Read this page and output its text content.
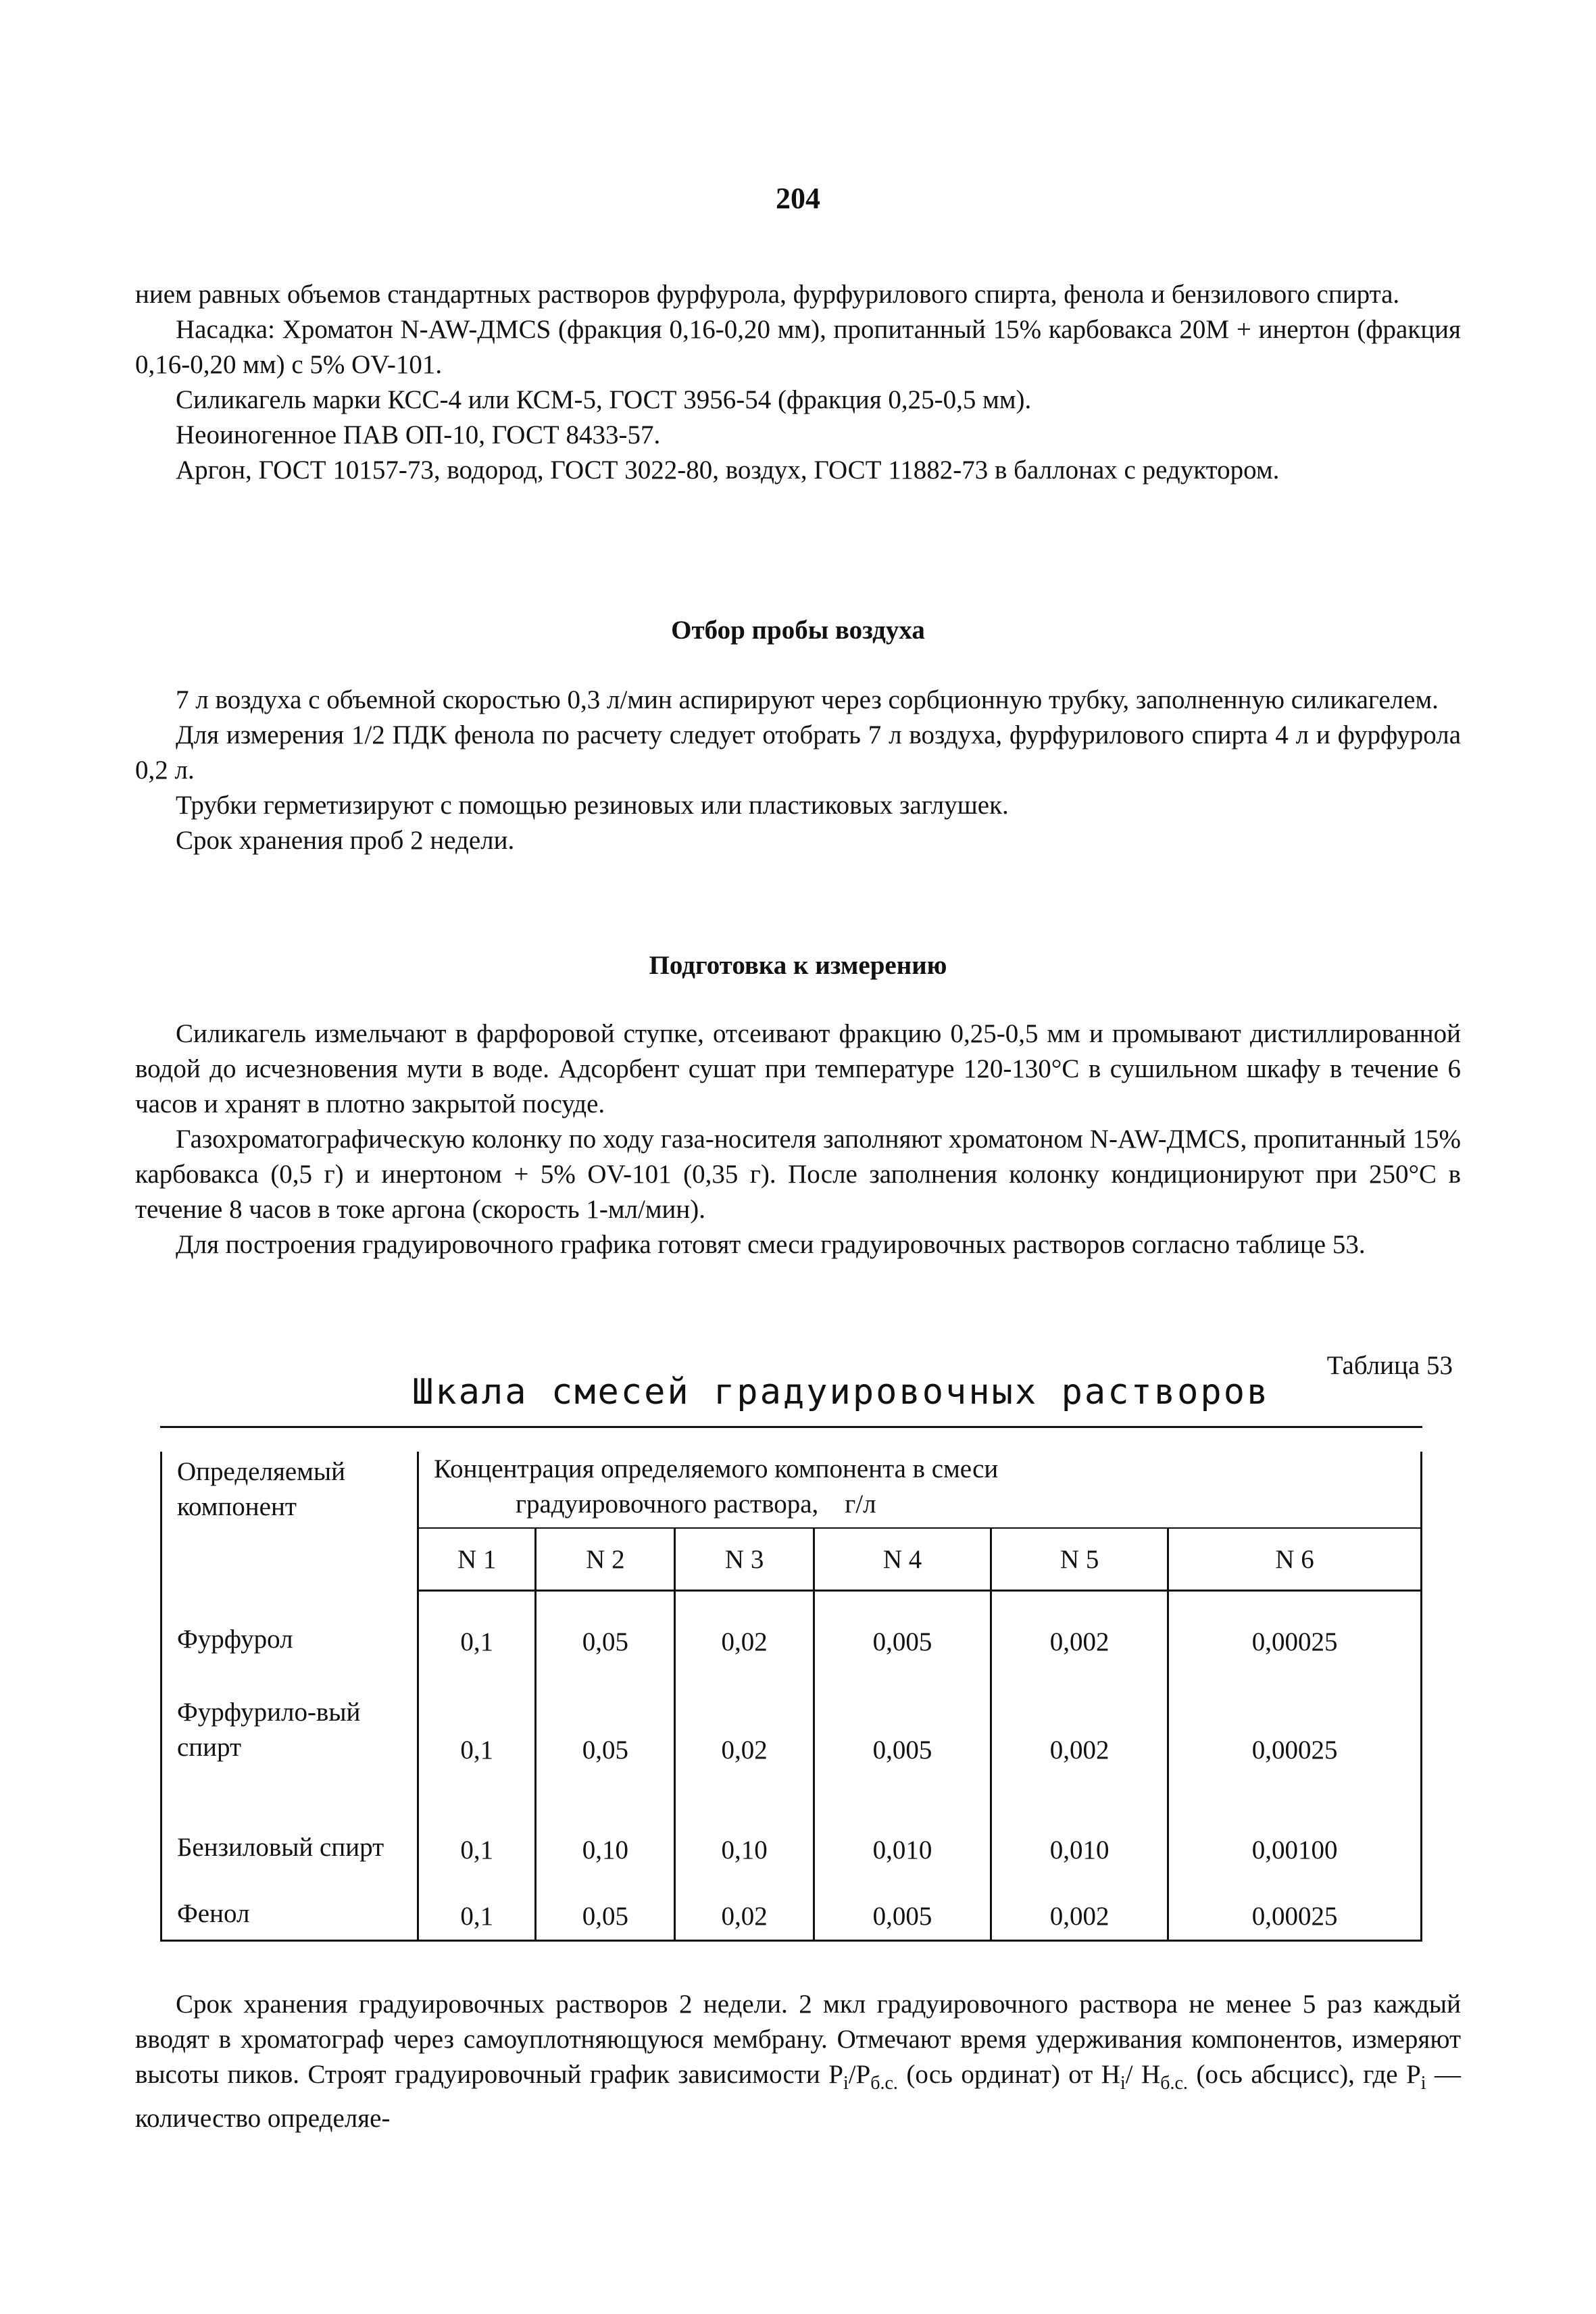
204

нием равных объемов стандартных растворов фурфурола, фурфурилового спирта, фенола и бензилового спирта.

Насадка: Хроматон N-AW-ДМCS (фракция 0,16-0,20 мм), пропитанный 15% карбовакса 20М + инертон (фракция 0,16-0,20 мм) с 5% OV-101.

Силикагель марки КСС-4 или КСМ-5, ГОСТ 3956-54 (фракция 0,25-0,5 мм).

Неоиногенное ПАВ ОП-10, ГОСТ 8433-57.

Аргон, ГОСТ 10157-73, водород, ГОСТ 3022-80, воздух, ГОСТ 11882-73 в баллонах с редуктором.

Отбор пробы воздуха

7 л воздуха с объемной скоростью 0,3 л/мин аспирируют через сорбционную трубку, заполненную силикагелем.

Для измерения 1/2 ПДК фенола по расчету следует отобрать 7 л воздуха, фурфурилового спирта 4 л и фурфурола 0,2 л.

Трубки герметизируют с помощью резиновых или пластиковых заглушек.

Срок хранения проб 2 недели.

Подготовка к измерению

Силикагель измельчают в фарфоровой ступке, отсеивают фракцию 0,25-0,5 мм и промывают дистиллированной водой до исчезновения мути в воде. Адсорбент сушат при температуре 120-130°С в сушильном шкафу в течение 6 часов и хранят в плотно закрытой посуде.

Газохроматографическую колонку по ходу газа-носителя заполняют хроматоном N-AW-ДМCS, пропитанный 15% карбовакса (0,5 г) и инертоном + 5% OV-101 (0,35 г). После заполнения колонку кондиционируют при 250°С в течение 8 часов в токе аргона (скорость 1-мл/мин).

Для построения градуировочного графика готовят смеси градуировочных растворов согласно таблице 53.

Таблица 53
Шкала смесей градуировочных растворов
Определяемый компонент	Концентрация определяемого компонента в смеси
градуировочного раствора, г/л					

	N 1	N 2	N 3	N 4	N 5	N 6
Фурфурол	0,1	0,05	0,02	0,005	0,002	0,00025
Фурфурило-вый спирт	0,1	0,05	0,02	0,005	0,002	0,00025
Бензиловый спирт	0,1	0,10	0,10	0,010	0,010	0,00100
Фенол	0,1	0,05	0,02	0,005	0,002	0,00025

Срок хранения градуировочных растворов 2 недели. 2 мкл градуировочного раствора не менее 5 раз каждый вводят в хроматограф через самоуплотняющуюся мембрану. Отмечают время удерживания компонентов, измеряют высоты пиков. Строят градуировочный график зависимости $P_i/P_{б.с.}$ (ось ординат) от $H_i/$ $H_{б.с.}$ (ось абсцисс), где $P_i$ — количество определяе-
